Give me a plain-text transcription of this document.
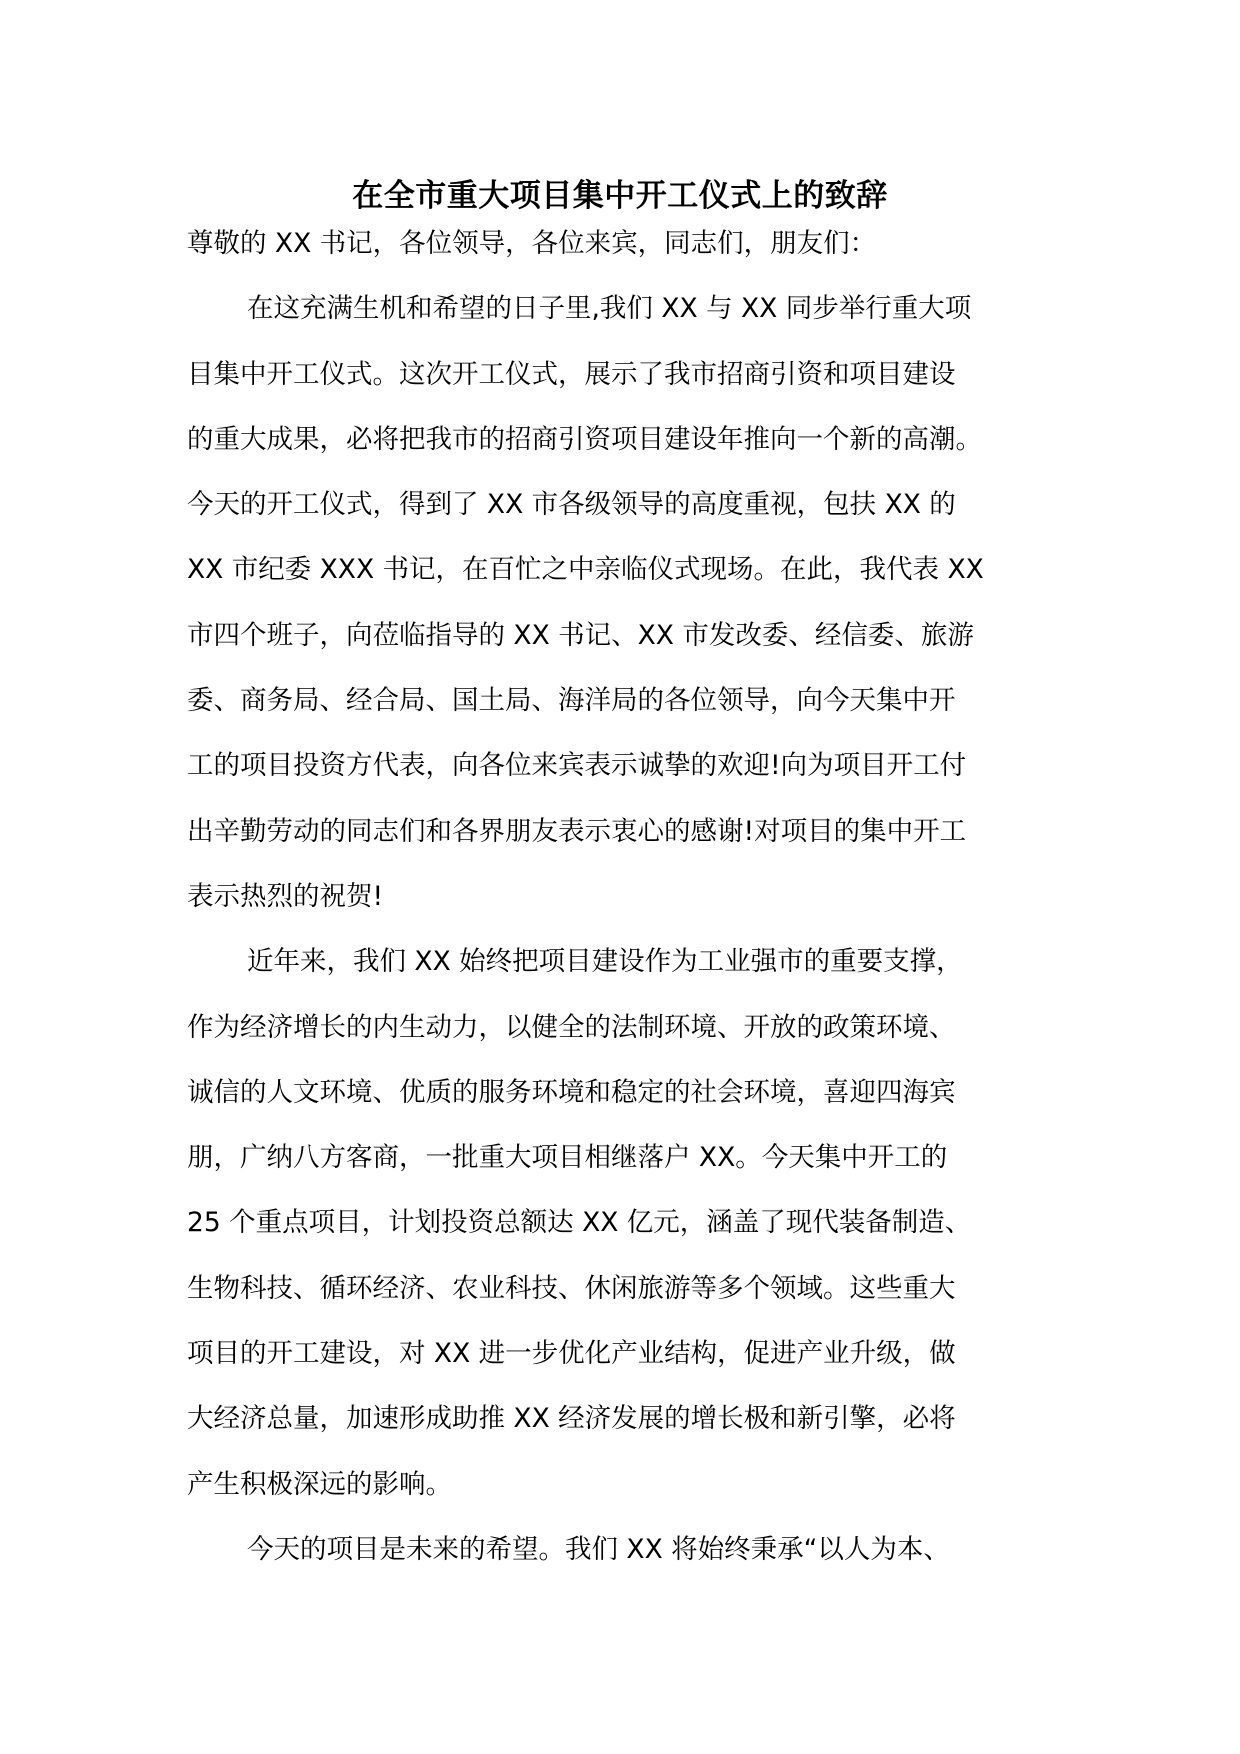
在全市重大项目集中开工仪式上的致辞
尊敬的 XX 书记，各位领导，各位来宾，同志们，朋友们：
在这充满生机和希望的日子里,我们 XX 与 XX 同步举行重大项
目集中开工仪式。这次开工仪式，展示了我市招商引资和项目建设
的重大成果，必将把我市的招商引资项目建设年推向一个新的高潮。
今天的开工仪式，得到了 XX 市各级领导的高度重视，包扶 XX 的
XX 市纪委 XXX 书记，在百忙之中亲临仪式现场。在此，我代表 XX
市四个班子，向莅临指导的 XX 书记、XX 市发改委、经信委、旅游
委、商务局、经合局、国土局、海洋局的各位领导，向今天集中开
工的项目投资方代表，向各位来宾表示诚挚的欢迎!向为项目开工付
出辛勤劳动的同志们和各界朋友表示衷心的感谢!对项目的集中开工
表示热烈的祝贺!
近年来，我们 XX 始终把项目建设作为工业强市的重要支撑，
作为经济增长的内生动力，以健全的法制环境、开放的政策环境、
诚信的人文环境、优质的服务环境和稳定的社会环境，喜迎四海宾
朋，广纳八方客商，一批重大项目相继落户 XX。今天集中开工的
25 个重点项目，计划投资总额达 XX 亿元，涵盖了现代装备制造、
生物科技、循环经济、农业科技、休闲旅游等多个领域。这些重大
项目的开工建设，对 XX 进一步优化产业结构，促进产业升级，做
大经济总量，加速形成助推 XX 经济发展的增长极和新引擎，必将
产生积极深远的影响。
今天的项目是未来的希望。我们 XX 将始终秉承“以人为本、
